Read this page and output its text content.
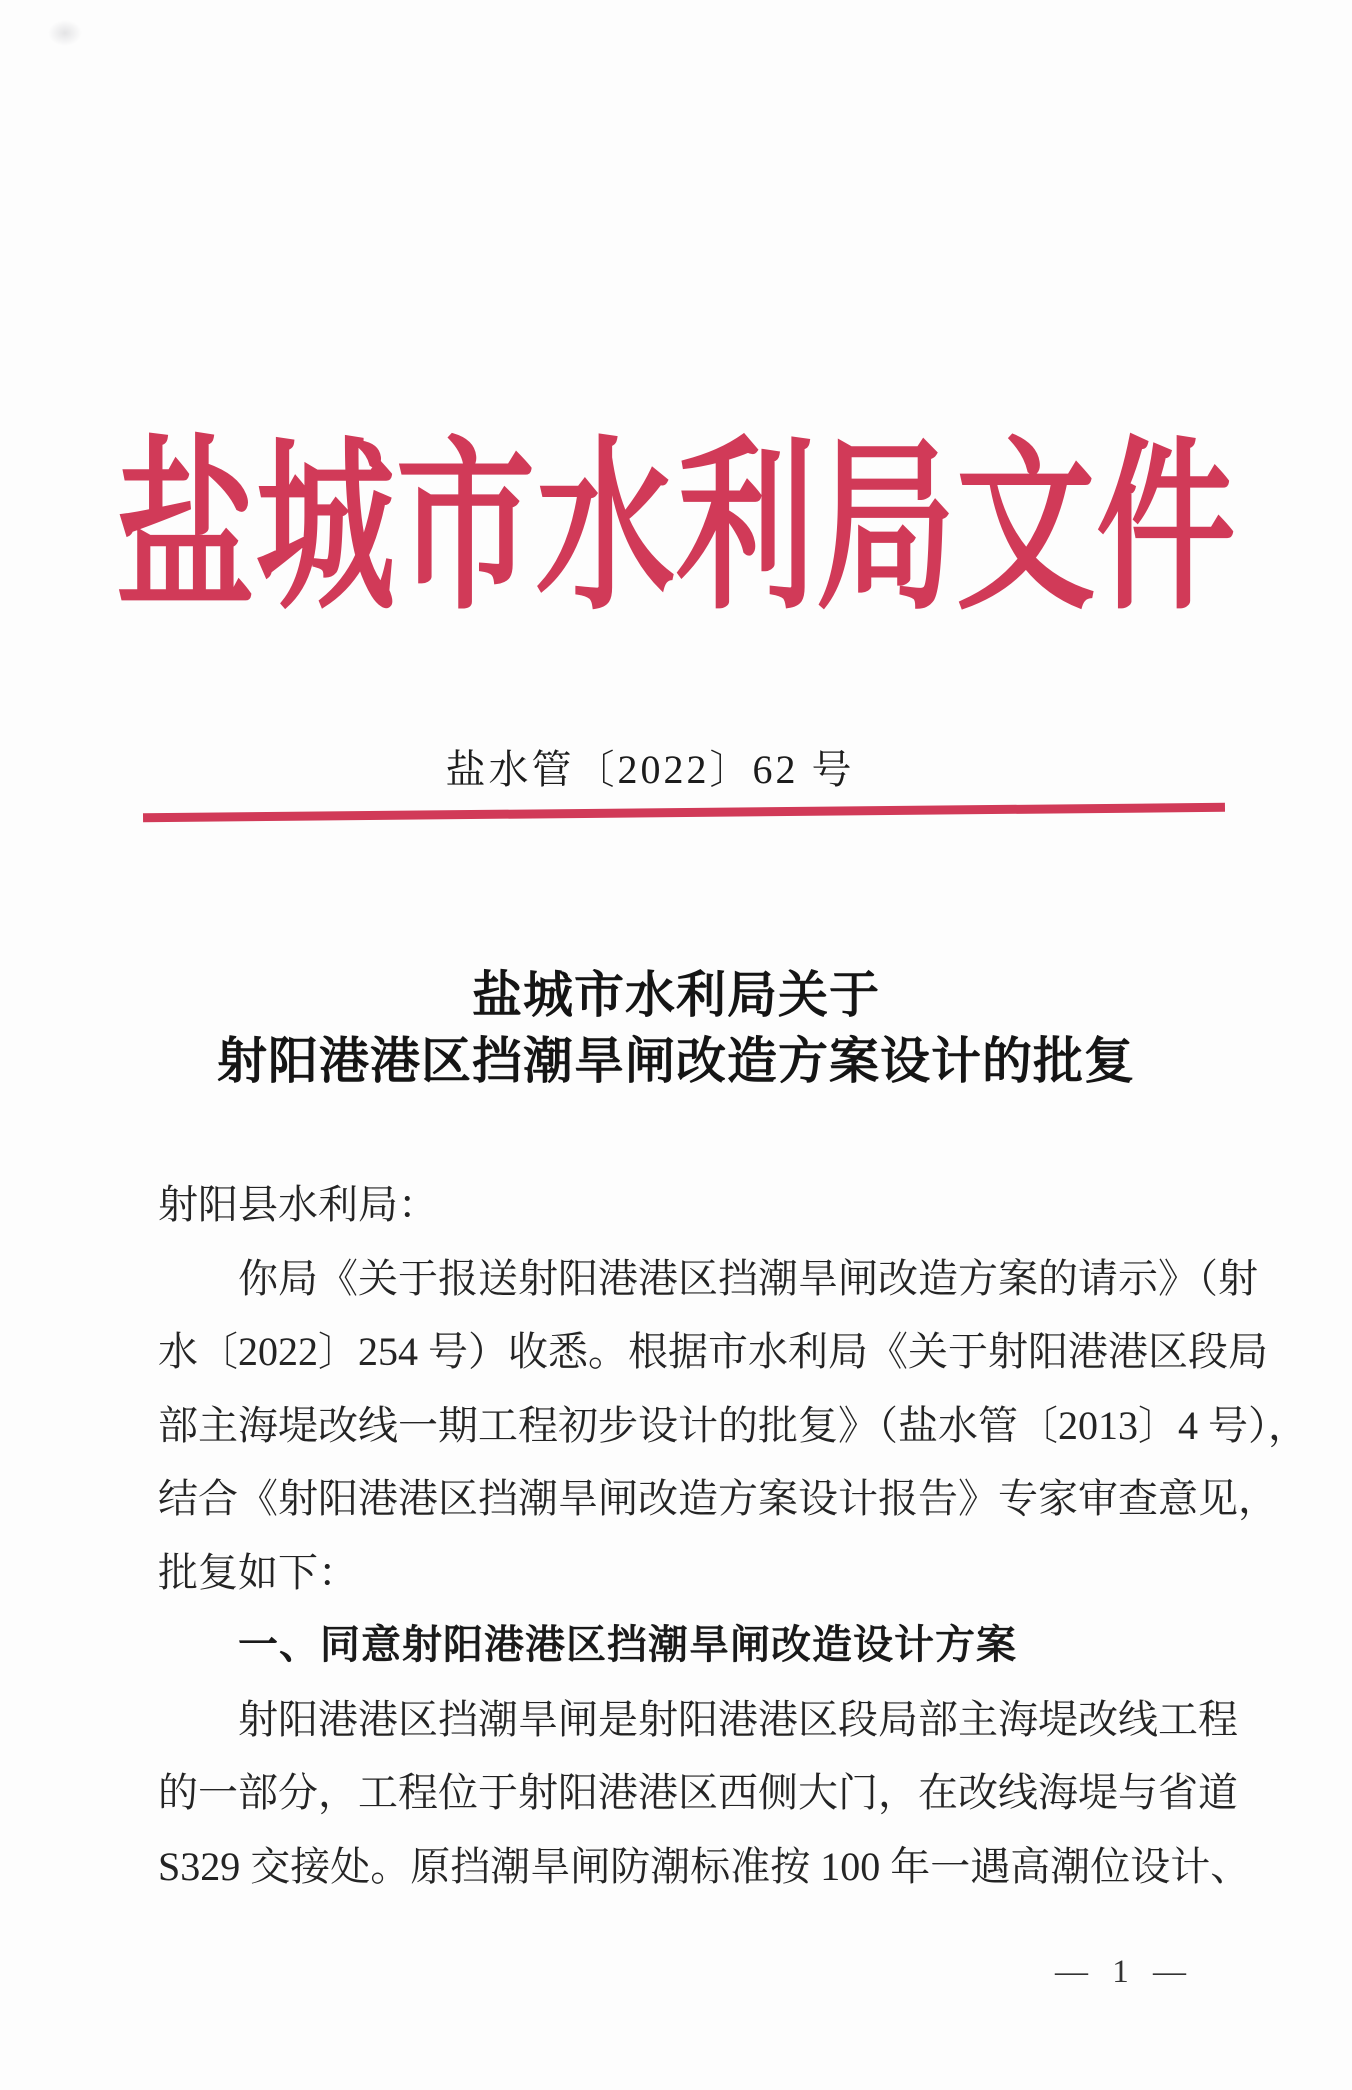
盐城市水利局文件
盐水管〔2022〕62 号
盐城市水利局关于
射阳港港区挡潮旱闸改造方案设计的批复
射阳县水利局：
你局《关于报送射阳港港区挡潮旱闸改造方案的请示》（射
水〔2022〕254 号）收悉。根据市水利局《关于射阳港港区段局
部主海堤改线一期工程初步设计的批复》（盐水管〔2013〕4 号），
结合《射阳港港区挡潮旱闸改造方案设计报告》专家审查意见，
批复如下：
一、同意射阳港港区挡潮旱闸改造设计方案
射阳港港区挡潮旱闸是射阳港港区段局部主海堤改线工程
的一部分，工程位于射阳港港区西侧大门，在改线海堤与省道
S329 交接处。原挡潮旱闸防潮标准按 100 年一遇高潮位设计、
— 1 —
